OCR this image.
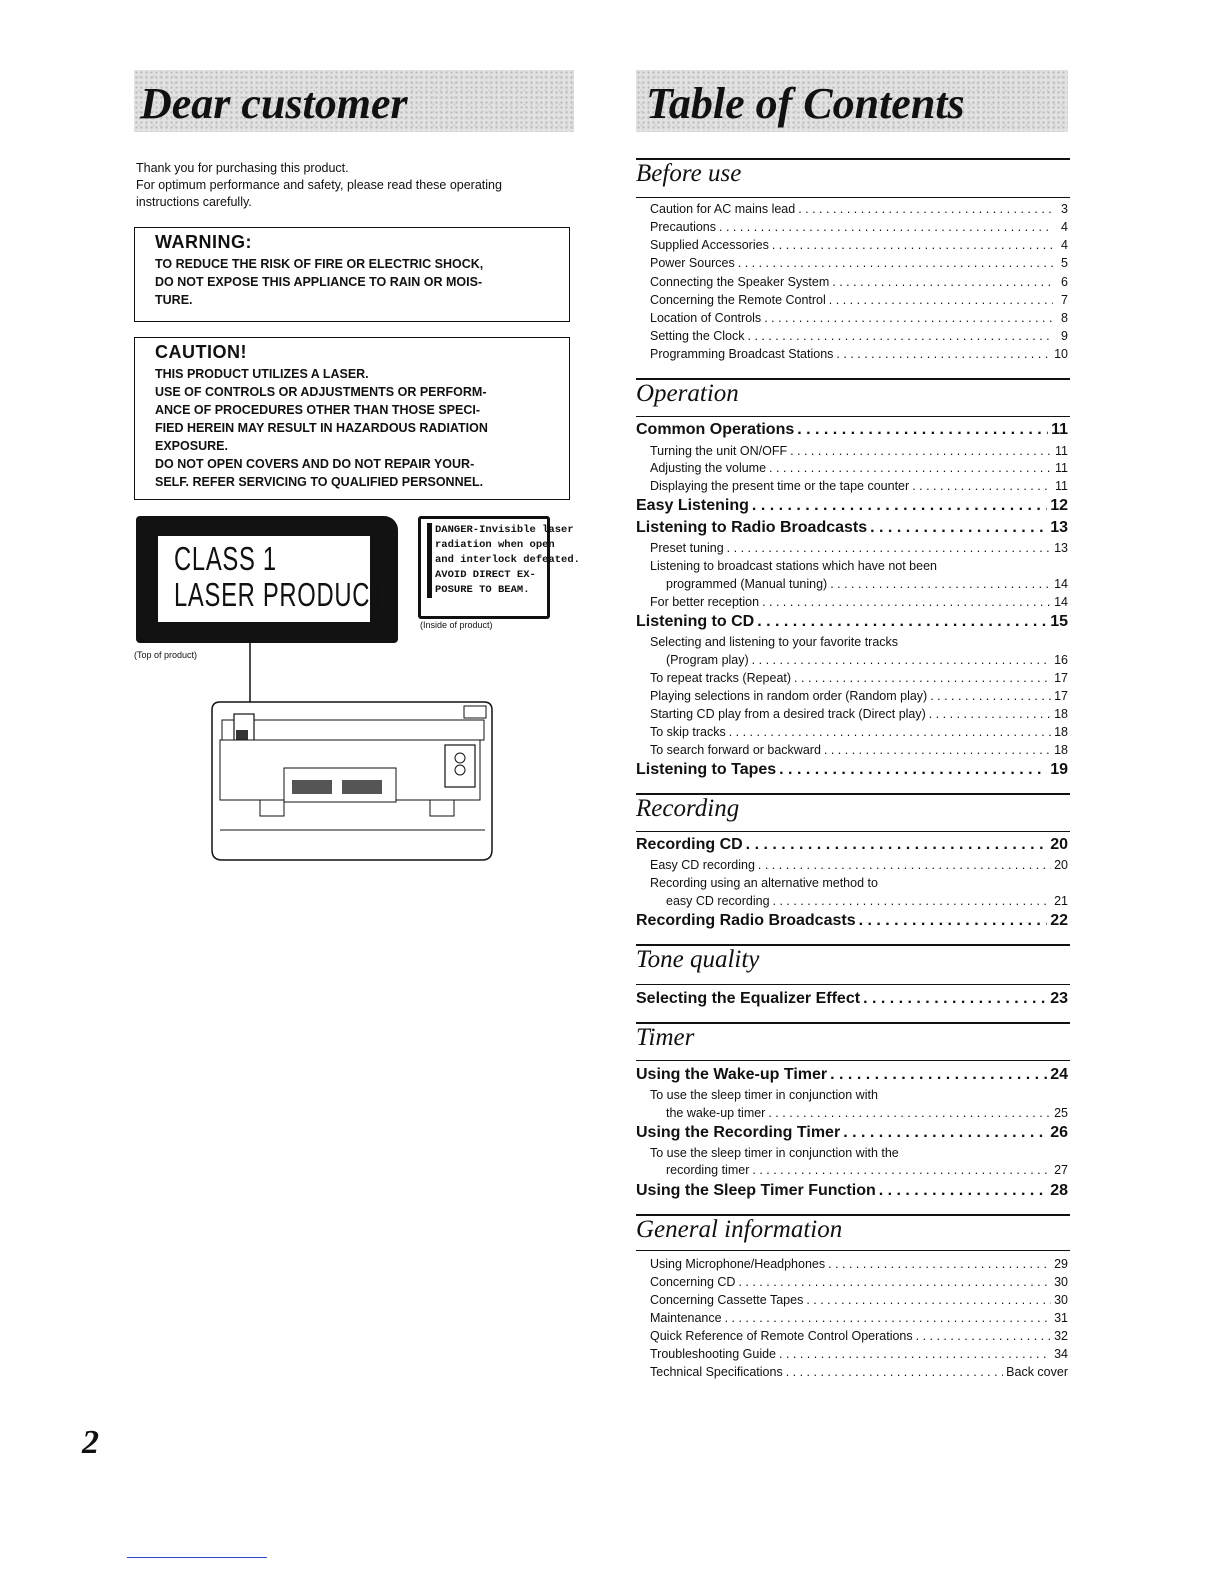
Dear customer
Thank you for purchasing this product.
For optimum performance and safety, please read these operating
instructions carefully.
WARNING:
TO REDUCE THE RISK OF FIRE OR ELECTRIC SHOCK,
DO NOT EXPOSE THIS APPLIANCE TO RAIN OR MOIS-
TURE.
CAUTION!
THIS PRODUCT UTILIZES A LASER.
USE OF CONTROLS OR ADJUSTMENTS OR PERFORM-
ANCE OF PROCEDURES OTHER THAN THOSE SPECI-
FIED HEREIN MAY RESULT IN HAZARDOUS RADIATION
EXPOSURE.
DO NOT OPEN COVERS AND DO NOT REPAIR YOUR-
SELF. REFER SERVICING TO QUALIFIED PERSONNEL.
CLASS 1
LASER PRODUCT
DANGER-Invisible laser
radiation when open
and interlock defeated.
AVOID DIRECT EX-
POSURE TO BEAM.
(Inside of product)
(Top of product)
2
Table of Contents
Before use
Caution for AC mains lead . . .	3
Precautions . . .	4
Supplied Accessories . . .	4
Power Sources . . .	5
Connecting the Speaker System . . .	6
Concerning the Remote Control . . .	7
Location of Controls . . .	8
Setting the Clock . . .	9
Programming Broadcast Stations . . .	10
Operation
Common Operations . . .	11
Turning the unit ON/OFF . . .	11
Adjusting the volume . . .	11
Displaying the present time or the tape counter . . .	11
Easy Listening . . .	12
Listening to Radio Broadcasts . . .	13
Preset tuning . . .	13
Listening to broadcast stations which have not been
programmed (Manual tuning) . . .	14
For better reception . . .	14
Listening to CD . . .	15
Selecting and listening to your favorite tracks
(Program play) . . .	16
To repeat tracks (Repeat) . . .	17
Playing selections in random order (Random play) . . .	17
Starting CD play from a desired track (Direct play) . . .	18
To skip tracks . . .	18
To search forward or backward . . .	18
Listening to Tapes . . .	19
Recording
Recording CD . . .	20
Easy CD recording . . .	20
Recording using an alternative method to
easy CD recording . . .	21
Recording Radio Broadcasts . . .	22
Tone quality
Selecting the Equalizer Effect . . .	23
Timer
Using the Wake-up Timer . . .	24
To use the sleep timer in conjunction with
the wake-up timer . . .	25
Using the Recording Timer . . .	26
To use the sleep timer in conjunction with the
recording timer . . .	27
Using the Sleep Timer Function . . .	28
General information
Using Microphone/Headphones . . .	29
Concerning CD . . .	30
Concerning Cassette Tapes . . .	30
Maintenance . . .	31
Quick Reference of Remote Control Operations . . .	32
Troubleshooting Guide . . .	34
Technical Specifications . . .	Back cover
